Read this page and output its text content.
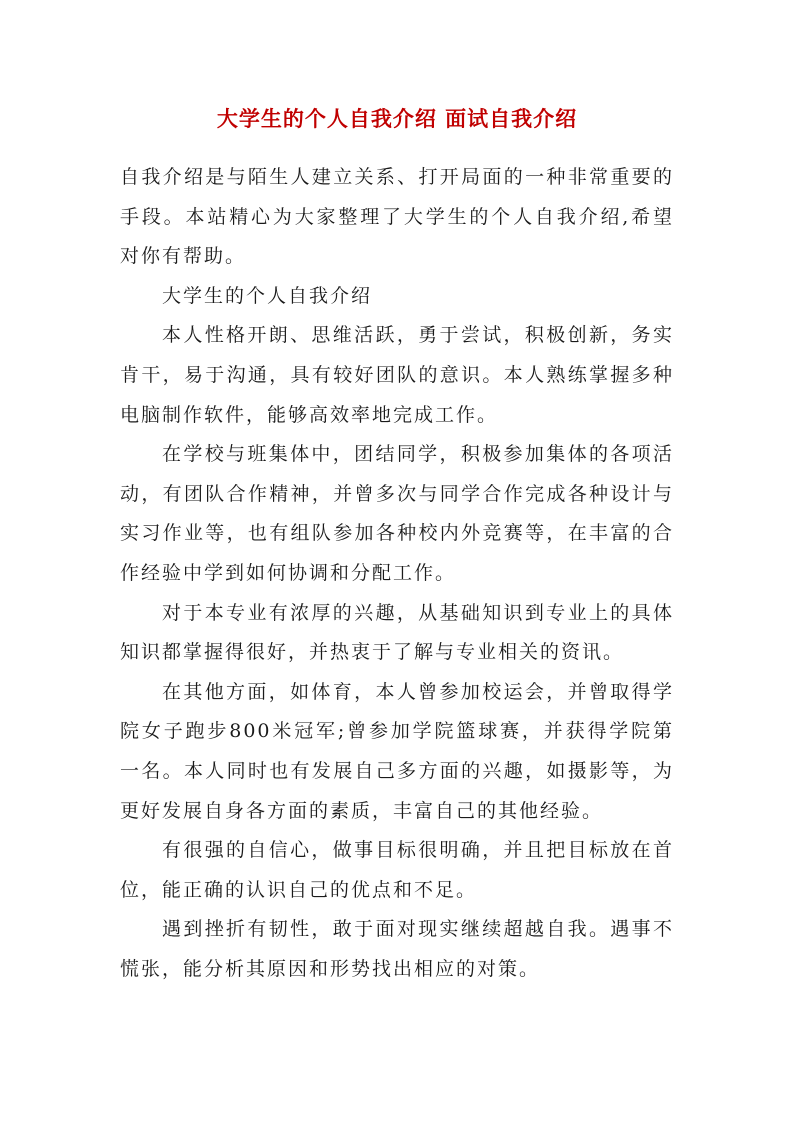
大学生的个人自我介绍 面试自我介绍

自我介绍是与陌生人建立关系、打开局面的一种非常重要的手段。本站精心为大家整理了大学生的个人自我介绍,希望对你有帮助。

大学生的个人自我介绍

本人性格开朗、思维活跃，勇于尝试，积极创新，务实肯干，易于沟通，具有较好团队的意识。本人熟练掌握多种电脑制作软件，能够高效率地完成工作。

在学校与班集体中，团结同学，积极参加集体的各项活动，有团队合作精神，并曾多次与同学合作完成各种设计与实习作业等，也有组队参加各种校内外竞赛等，在丰富的合作经验中学到如何协调和分配工作。

对于本专业有浓厚的兴趣，从基础知识到专业上的具体知识都掌握得很好，并热衷于了解与专业相关的资讯。

在其他方面，如体育，本人曾参加校运会，并曾取得学院女子跑步800米冠军;曾参加学院篮球赛，并获得学院第一名。本人同时也有发展自己多方面的兴趣，如摄影等，为更好发展自身各方面的素质，丰富自己的其他经验。

有很强的自信心，做事目标很明确，并且把目标放在首位，能正确的认识自己的优点和不足。

遇到挫折有韧性，敢于面对现实继续超越自我。遇事不慌张，能分析其原因和形势找出相应的对策。
